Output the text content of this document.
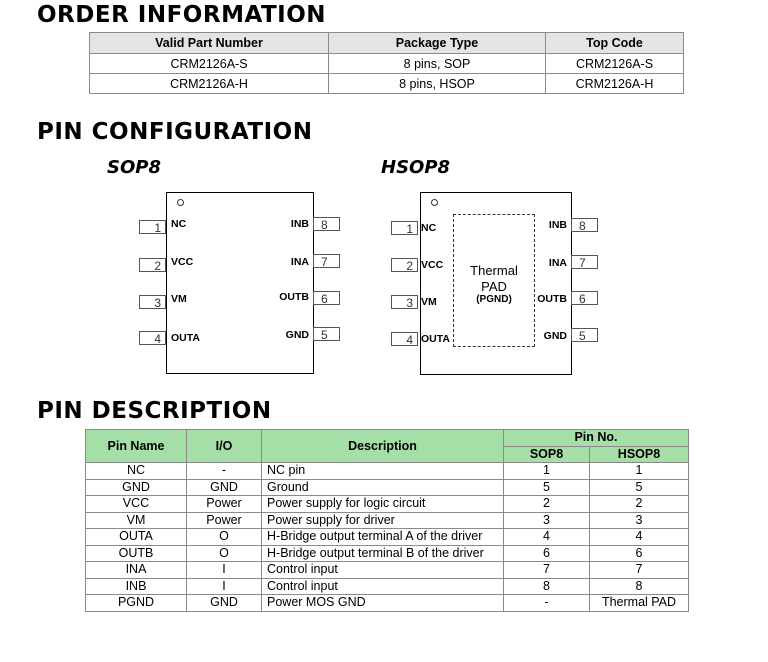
ORDER INFORMATION
Valid Part Number	Package Type	Top Code
CRM2126A-S	8 pins, SOP	CRM2126A-S
CRM2126A-H	8 pins, HSOP	CRM2126A-H
PIN CONFIGURATION
SOP8	HSOP8
1
2
3
4
NC
VCC
VM
OUTA
8
7
6
5
INB
INA
OUTB
GND
Thermal
PAD
(PGND)
1
2
3
4
NC
VCC
VM
OUTA
8
7
6
5
INB
INA
OUTB
GND
PIN DESCRIPTION
Pin Name	I/O	Description	Pin No.	
			SOP8	HSOP8
NC	-	NC pin	1	1
GND	GND	Ground	5	5
VCC	Power	Power supply for logic circuit	2	2
VM	Power	Power supply for driver	3	3
OUTA	O	H-Bridge output terminal A of the driver	4	4
OUTB	O	H-Bridge output terminal B of the driver	6	6
INA	I	Control input	7	7
INB	I	Control input	8	8
PGND	GND	Power MOS GND	-	Thermal PAD
